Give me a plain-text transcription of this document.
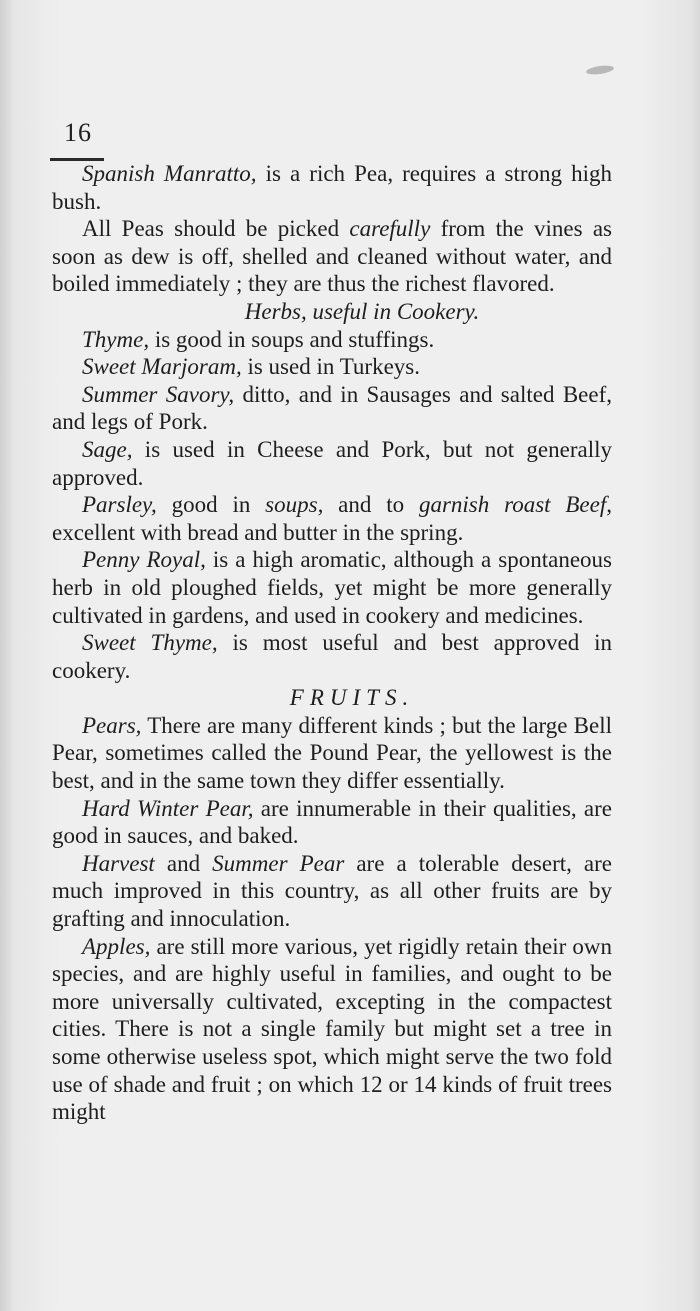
16

Spanish Manratto, is a rich Pea, requires a strong high bush.

All Peas should be picked carefully from the vines as soon as dew is off, shelled and cleaned without water, and boiled immediately ; they are thus the richest flavored.

Herbs, useful in Cookery.

Thyme, is good in soups and stuffings.

Sweet Marjoram, is used in Turkeys.

Summer Savory, ditto, and in Sausages and salted Beef, and legs of Pork.

Sage, is used in Cheese and Pork, but not generally approved.

Parsley, good in soups, and to garnish roast Beef, excellent with bread and butter in the spring.

Penny Royal, is a high aromatic, although a spontaneous herb in old ploughed fields, yet might be more generally cultivated in gardens, and used in cookery and medicines.

Sweet Thyme, is most useful and best approved in cookery.

FRUITS.

Pears, There are many different kinds ; but the large Bell Pear, sometimes called the Pound Pear, the yellowest is the best, and in the same town they differ essentially.

Hard Winter Pear, are innumerable in their qualities, are good in sauces, and baked.

Harvest and Summer Pear are a tolerable desert, are much improved in this country, as all other fruits are by grafting and innoculation.

Apples, are still more various, yet rigidly retain their own species, and are highly useful in families, and ought to be more universally cultivated, excepting in the compactest cities. There is not a single family but might set a tree in some otherwise useless spot, which might serve the two fold use of shade and fruit ; on which 12 or 14 kinds of fruit trees might
